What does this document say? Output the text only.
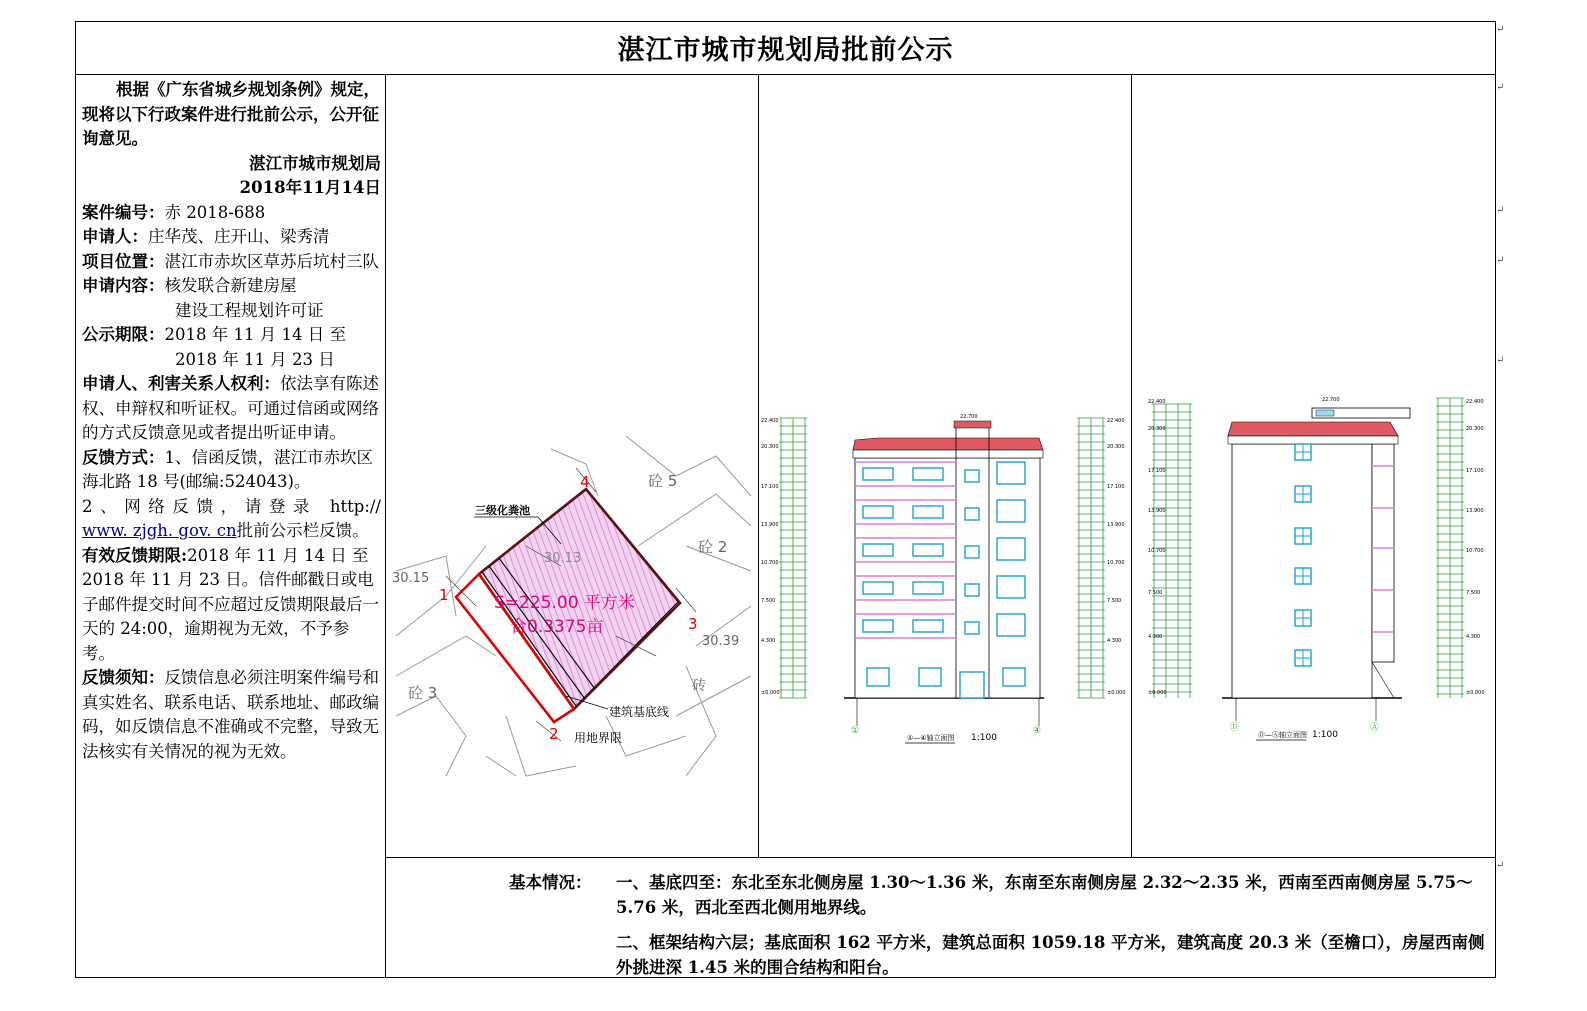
湛江市城市规划局批前公示

根据《广东省城乡规划条例》规定，现将以下行政案件进行批前公示，公开征询意见。

湛江市城市规划局

2018年11月14日

案件编号：赤 2018-688

申请人：庄华茂、庄开山、梁秀清

项目位置：湛江市赤坎区草苏后坑村三队

申请内容：核发联合新建房屋

建设工程规划许可证

公示期限：2018 年 11 月 14 日 至

2018 年 11 月 23 日

申请人、利害关系人权利：依法享有陈述权、申辩权和听证权。可通过信函或网络的方式反馈意见或者提出听证申请。

反馈方式：1、信函反馈，湛江市赤坎区海北路 18 号(邮编:524043)。

2、网络反馈，请登录 http://
www. zjgh. gov. cn批前公示栏反馈。

有效反馈期限:2018 年 11 月 14 日 至 2018 年 11 月 23 日。信件邮戳日或电子邮件提交时间不应超过反馈期限最后一天的 24:00，逾期视为无效，不予参考。

反馈须知：反馈信息必须注明案件编号和真实姓名、联系电话、联系地址、邮政编码，如反馈信息不准确或不完整，导致无法核实有关情况的视为无效。

三级化粪池
S=225.00 平方米
合0.3375亩
1
2
3
4	砼 5
砼 2
砼 3	砖
30.15
30.13
30.39
建筑基底线
用地界限
22.400
20.300
17.100
13.900
10.700
7.500
4.300
±0.000
22.400
20.300
17.100
13.900
10.700
7.500
4.300
±0.000
22.700
①	④
①—④轴立面图 1:100
22.400
20.300
17.100
13.900
10.700
7.500
4.300
±0.000
22.400
20.300
17.100
13.900
10.700
7.500
4.300
±0.000
22.700
Ⓓ	Ⓐ
Ⓓ—Ⓐ轴立面图 1:100
基本情况： 一、基底四至：东北至东北侧房屋 1.30～1.36 米，东南至东南侧房屋 2.32～2.35 米，西南至西南侧房屋 5.75～5.76 米，西北至西北侧用地界线。
二、框架结构六层；基底面积 162 平方米，建筑总面积 1059.18 平方米，建筑高度 20.3 米（至檐口），房屋西南侧外挑进深 1.45 米的围合结构和阳台。
↵
↵
↵
↵
↵
↵
